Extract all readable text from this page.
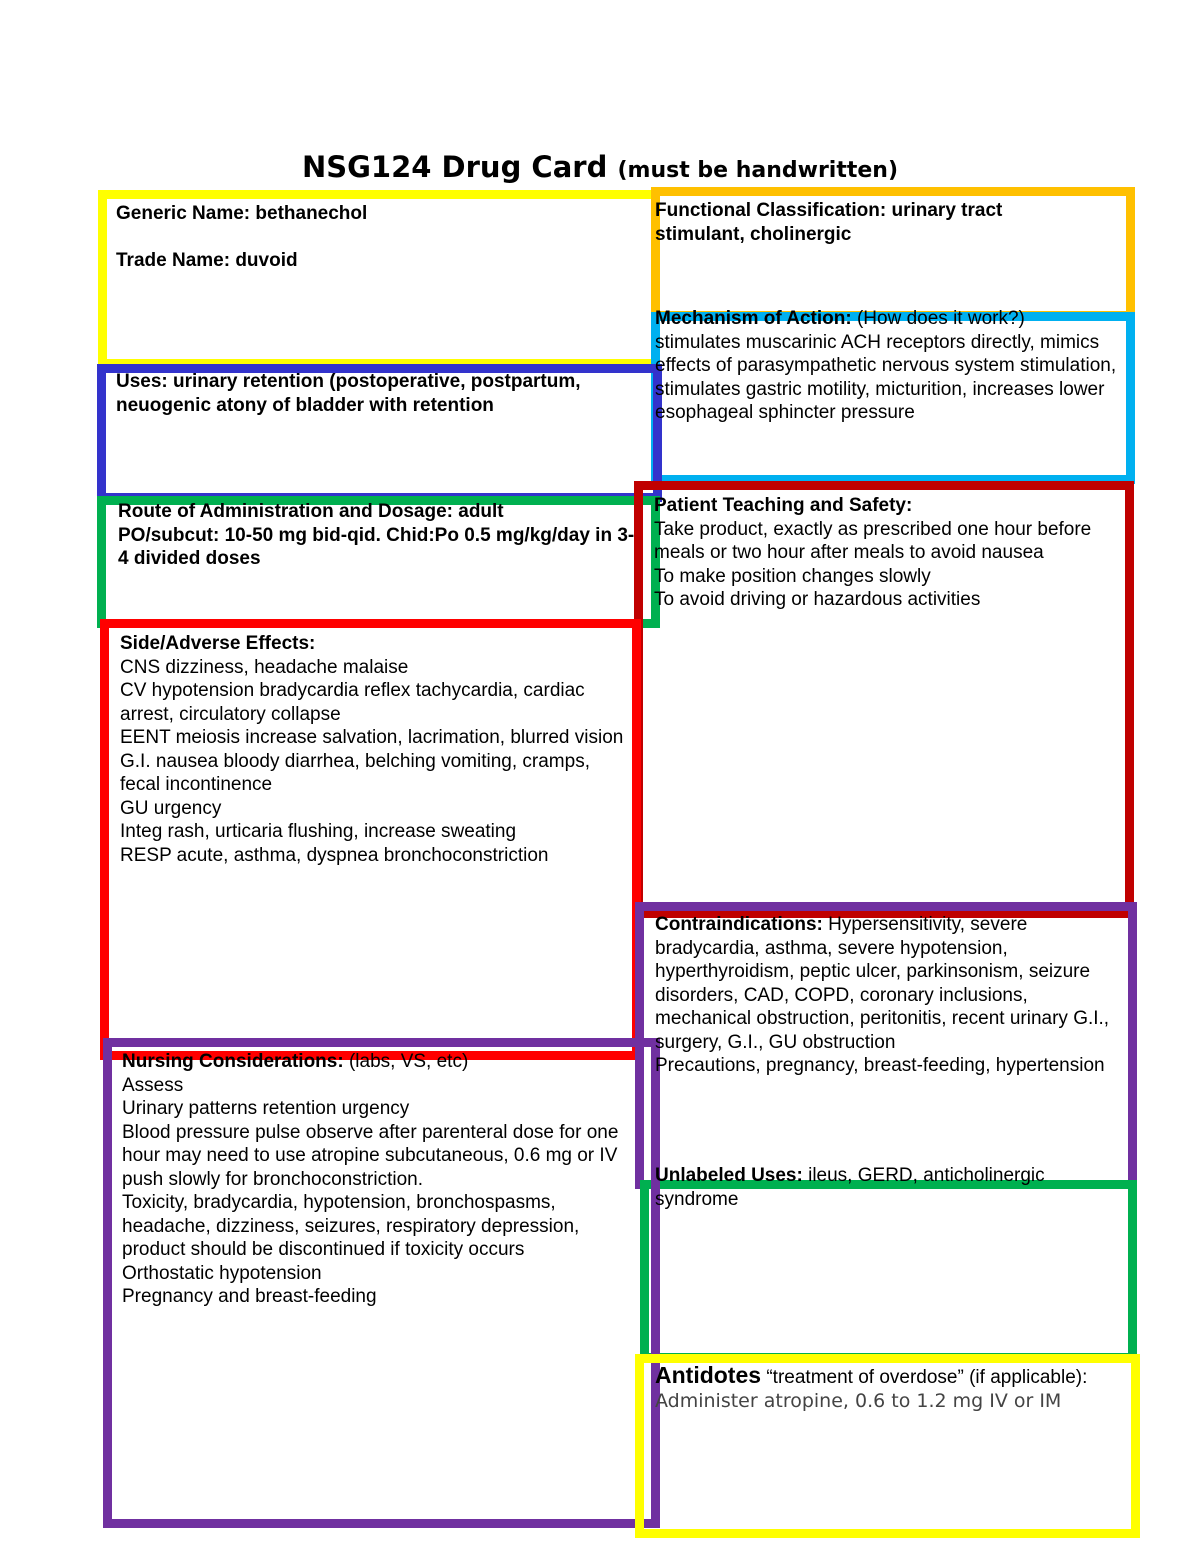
NSG124 Drug Card (must be handwritten)

Generic Name: bethanechol

Trade Name: duvoid

Functional Classification: urinary tract stimulant, cholinergic

Mechanism of Action: (How does it work?)

stimulates muscarinic ACH receptors directly, mimics effects of parasympathetic nervous system stimulation, stimulates gastric motility, micturition, increases lower esophageal sphincter pressure

Uses: urinary retention (postoperative, postpartum, neuogenic atony of bladder with retention

Route of Administration and Dosage: adult

PO/subcut: 10-50 mg bid-qid. Chid:Po 0.5 mg/kg/day in 3-4 divided doses

Patient Teaching and Safety:

Take product, exactly as prescribed one hour before meals or two hour after meals to avoid nausea

To make position changes slowly

To avoid driving or hazardous activities

Side/Adverse Effects:

CNS dizziness, headache malaise

CV hypotension bradycardia reflex tachycardia, cardiac arrest, circulatory collapse

EENT meiosis increase salvation, lacrimation, blurred vision

G.I. nausea bloody diarrhea, belching vomiting, cramps, fecal incontinence

GU urgency

Integ rash, urticaria flushing, increase sweating

RESP acute, asthma, dyspnea bronchoconstriction

Contraindications: Hypersensitivity, severe bradycardia, asthma, severe hypotension, hyperthyroidism, peptic ulcer, parkinsonism, seizure disorders, CAD, COPD, coronary inclusions, mechanical obstruction, peritonitis, recent urinary G.I., surgery, G.I., GU obstruction

Precautions, pregnancy, breast-feeding, hypertension

Unlabeled Uses: ileus, GERD, anticholinergic syndrome

Nursing Considerations: (labs, VS, etc)

Assess

Urinary patterns retention urgency

Blood pressure pulse observe after parenteral dose for one hour may need to use atropine subcutaneous, 0.6 mg or IV push slowly for bronchoconstriction.

Toxicity, bradycardia, hypotension, bronchospasms, headache, dizziness, seizures, respiratory depression, product should be discontinued if toxicity occurs

Orthostatic hypotension

Pregnancy and breast-feeding

Antidotes “treatment of overdose” (if applicable): Administer atropine, 0.6 to 1.2 mg IV or IM
